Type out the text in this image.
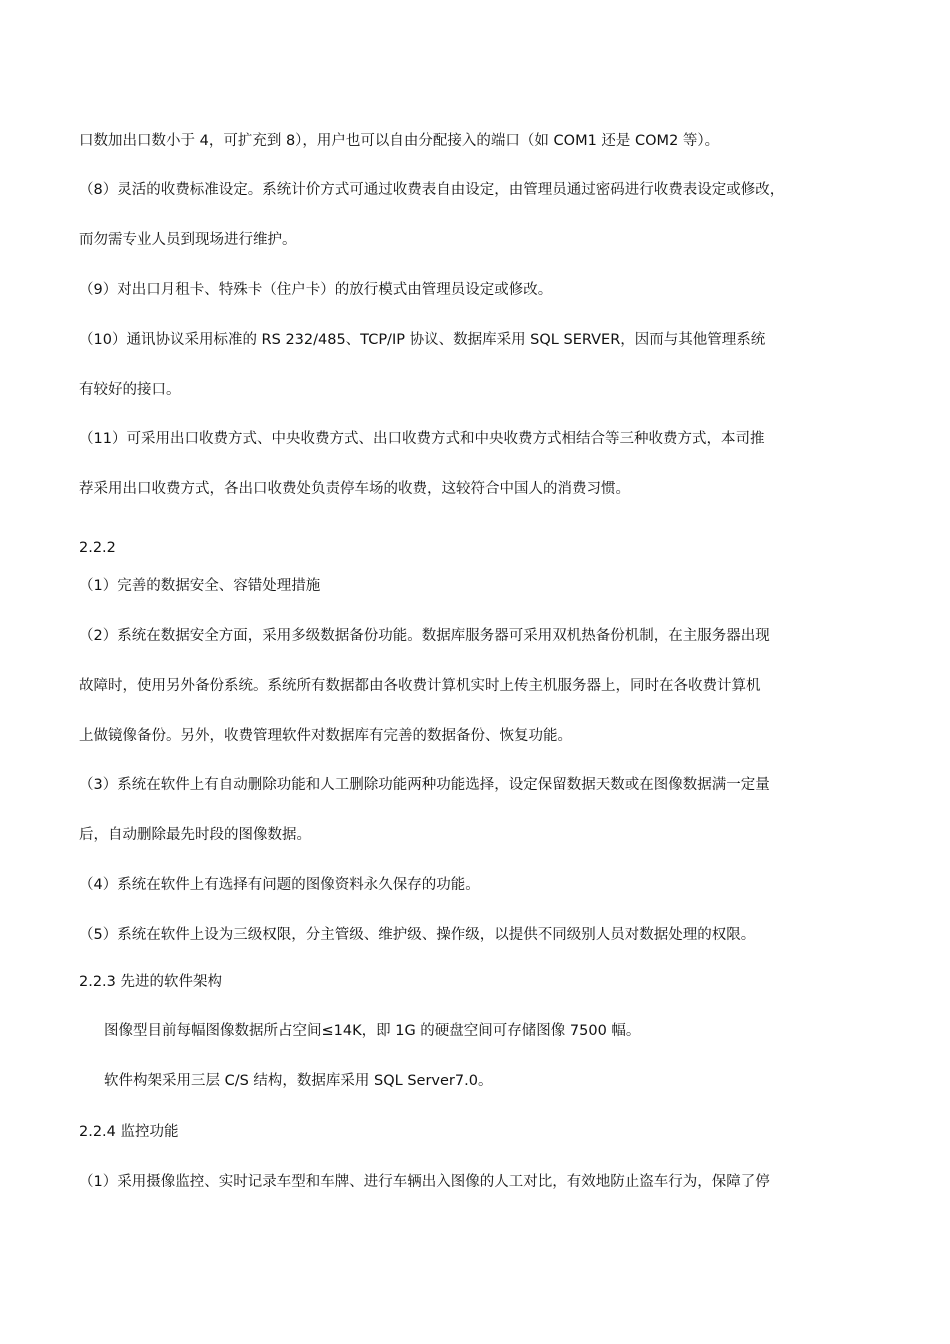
口数加出口数小于 4，可扩充到 8），用户也可以自由分配接入的端口（如 COM1 还是 COM2 等）。
（8）灵活的收费标准设定。系统计价方式可通过收费表自由设定，由管理员通过密码进行收费表设定或修改，
而勿需专业人员到现场进行维护。
（9）对出口月租卡、特殊卡（住户卡）的放行模式由管理员设定或修改。
（10）通讯协议采用标准的 RS 232/485、TCP/IP 协议、数据库采用 SQL SERVER，因而与其他管理系统
有较好的接口。
（11）可采用出口收费方式、中央收费方式、出口收费方式和中央收费方式相结合等三种收费方式，本司推
荐采用出口收费方式，各出口收费处负责停车场的收费，这较符合中国人的消费习惯。
2.2.2
（1）完善的数据安全、容错处理措施
（2）系统在数据安全方面，采用多级数据备份功能。数据库服务器可采用双机热备份机制，在主服务器出现
故障时，使用另外备份系统。系统所有数据都由各收费计算机实时上传主机服务器上，同时在各收费计算机
上做镜像备份。另外，收费管理软件对数据库有完善的数据备份、恢复功能。
（3）系统在软件上有自动删除功能和人工删除功能两种功能选择，设定保留数据天数或在图像数据满一定量
后，自动删除最先时段的图像数据。
（4）系统在软件上有选择有问题的图像资料永久保存的功能。
（5）系统在软件上设为三级权限，分主管级、维护级、操作级，以提供不同级别人员对数据处理的权限。
2.2.3 先进的软件架构
图像型目前每幅图像数据所占空间≤14K，即 1G 的硬盘空间可存储图像 7500 幅。
软件构架采用三层 C/S 结构，数据库采用 SQL Server7.0。
2.2.4 监控功能
（1）采用摄像监控、实时记录车型和车牌、进行车辆出入图像的人工对比，有效地防止盗车行为，保障了停
